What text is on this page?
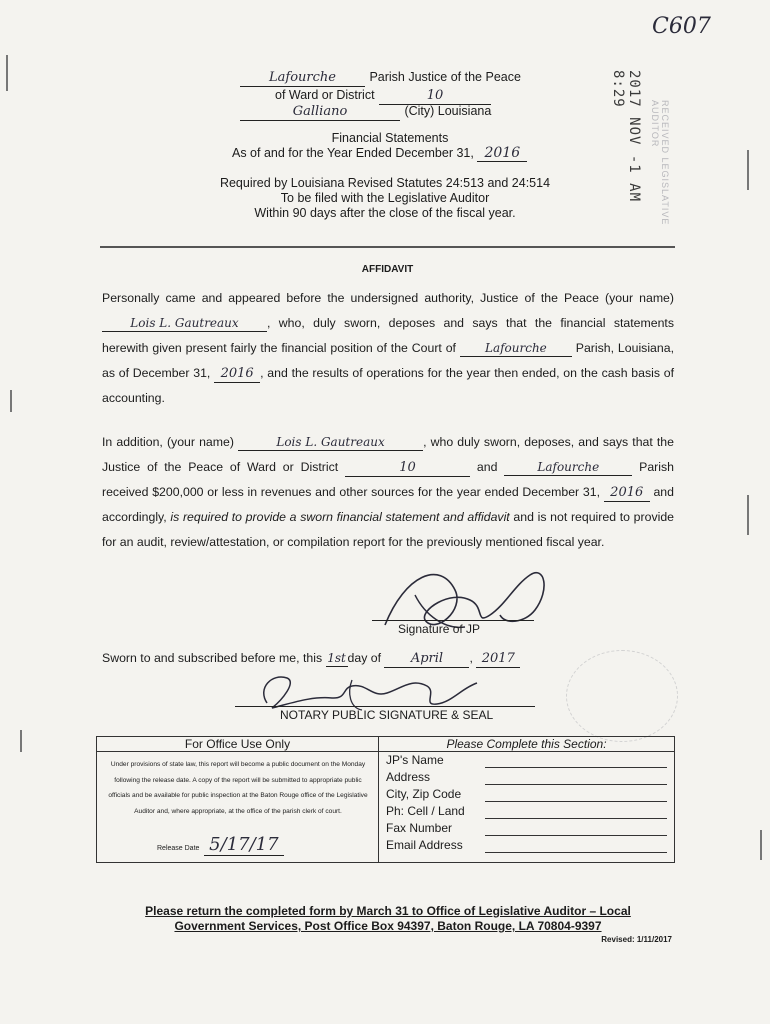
C607
Lafourche	Parish Justice of the Peace
of Ward or District	10
Galliano	(City) Louisiana
Financial Statements
As of and for the Year Ended December 31, 2016
Required by Louisiana Revised Statutes 24:513 and 24:514
To be filed with the Legislative Auditor
Within 90 days after the close of the fiscal year.
2017 NOV -1 AM 8:29
RECEIVED LEGISLATIVE AUDITOR
AFFIDAVIT
Personally came and appeared before the undersigned authority, Justice of the Peace (your name) Lois L. Gautreaux , who, duly sworn, deposes and says that the financial statements herewith given present fairly the financial position of the Court of Lafourche Parish, Louisiana, as of December 31, 2016 , and the results of operations for the year then ended, on the cash basis of accounting.
In addition, (your name)	Lois L. Gautreaux	, who duly sworn, deposes, and says that the Justice of the Peace of Ward or District	10	and	Lafourche	Parish received $200,000 or less in revenues and other sources for the year ended December 31, 2016 and accordingly, is required to provide a sworn financial statement and affidavit and is not required to provide for an audit, review/attestation, or compilation report for the previously mentioned fiscal year.
Signature of JP
Sworn to and subscribed before me, this 1st day of April , 2017
NOTARY PUBLIC SIGNATURE & SEAL
For Office Use Only
Under provisions of state law, this report will become a public document on the Monday following the release date. A copy of the report will be submitted to appropriate public officials and be available for public inspection at the Baton Rouge office of the Legislative Auditor and, where appropriate, at the office of the parish clerk of court.
Release Date 5/17/17
Please Complete this Section:
JP's Name
Address
City, Zip Code
Ph: Cell / Land
Fax Number
Email Address
Please return the completed form by March 31 to Office of Legislative Auditor – Local
Government Services, Post Office Box 94397, Baton Rouge, LA 70804-9397
Revised: 1/11/2017
